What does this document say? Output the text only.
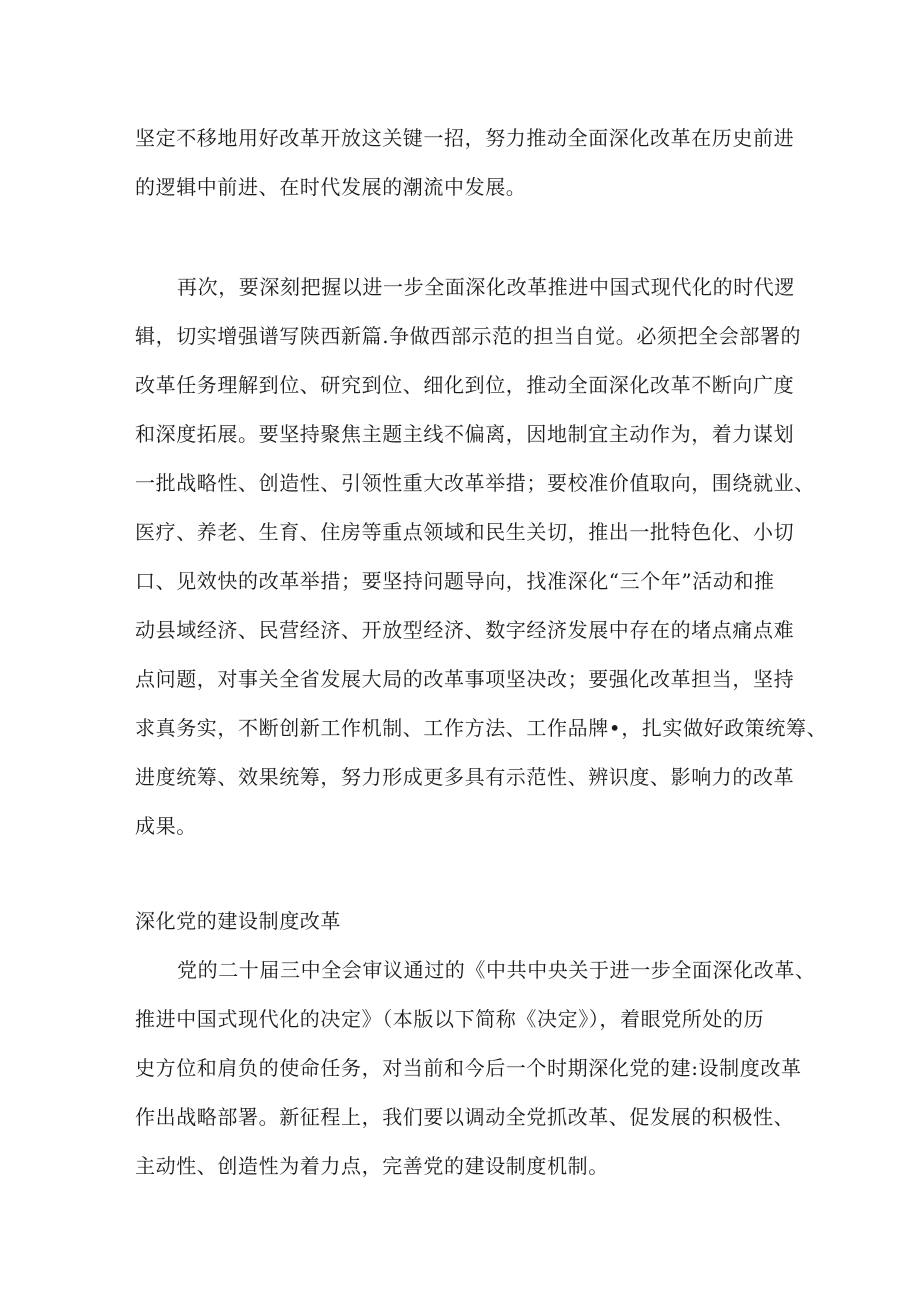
坚定不移地用好改革开放这关键一招，努力推动全面深化改革在历史前进
的逻辑中前进、在时代发展的潮流中发展。
再次，要深刻把握以进一步全面深化改革推进中国式现代化的时代逻
辑，切实增强谱写陕西新篇.争做西部示范的担当自觉。必须把全会部署的
改革任务理解到位、研究到位、细化到位，推动全面深化改革不断向广度
和深度拓展。要坚持聚焦主题主线不偏离，因地制宜主动作为，着力谋划
一批战略性、创造性、引领性重大改革举措；要校准价值取向，围绕就业、
医疗、养老、生育、住房等重点领域和民生关切，推出一批特色化、小切
口、见效快的改革举措；要坚持问题导向，找准深化“三个年”活动和推
动县域经济、民营经济、开放型经济、数字经济发展中存在的堵点痛点难
点问题，对事关全省发展大局的改革事项坚决改；要强化改革担当，坚持
求真务实，不断创新工作机制、工作方法、工作品牌•，扎实做好政策统筹、
进度统筹、效果统筹，努力形成更多具有示范性、辨识度、影响力的改革
成果。
深化党的建设制度改革
党的二十届三中全会审议通过的《中共中央关于进一步全面深化改革、
推进中国式现代化的决定》（本版以下简称《决定》），着眼党所处的历
史方位和肩负的使命任务，对当前和今后一个时期深化党的建:设制度改革
作出战略部署。新征程上，我们要以调动全党抓改革、促发展的积极性、
主动性、创造性为着力点，完善党的建设制度机制。
